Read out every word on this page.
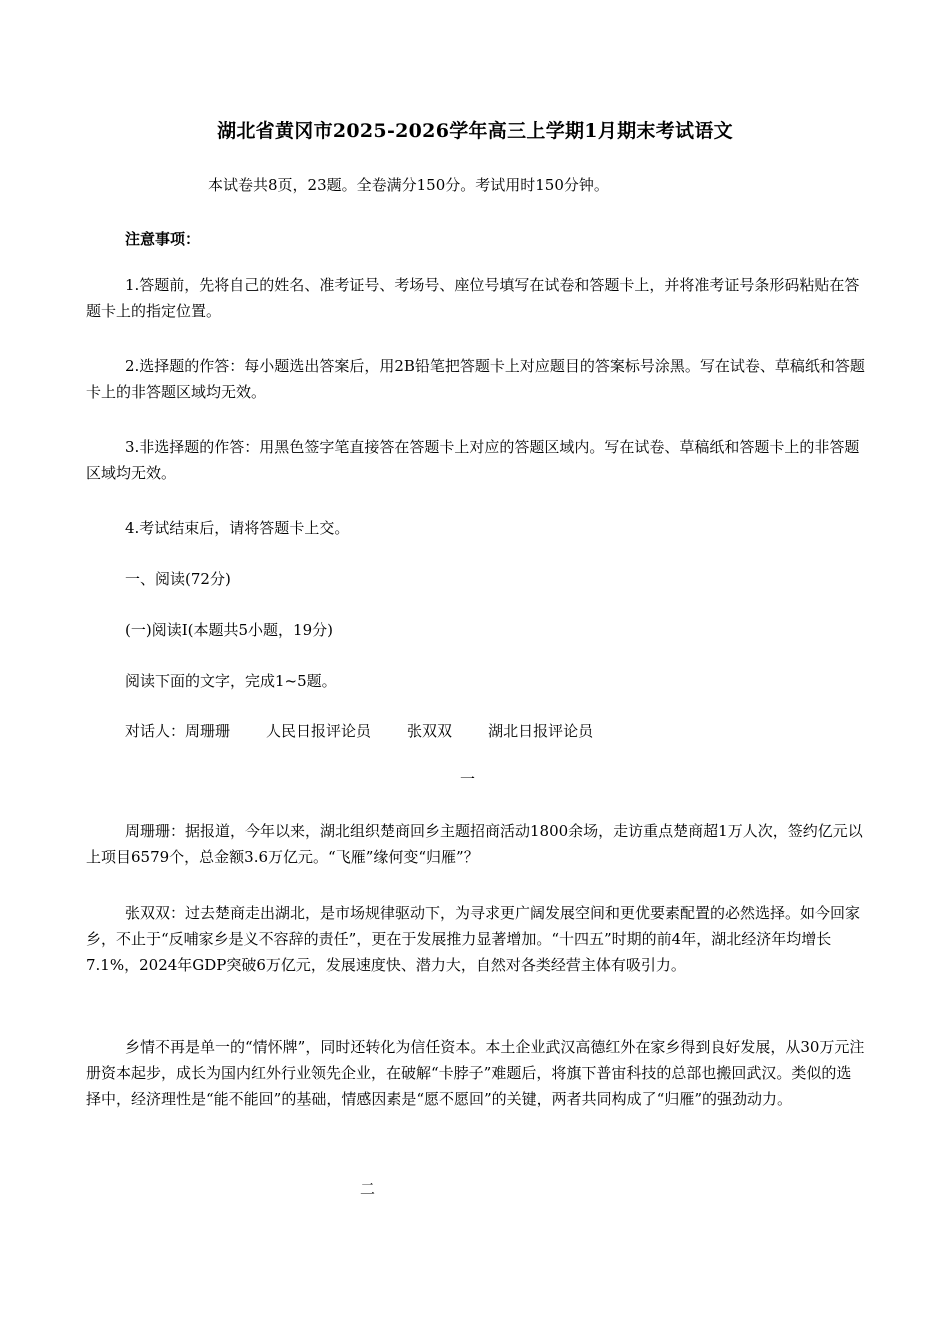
湖北省黄冈市2025-2026学年高三上学期1月期末考试语文
本试卷共8页，23题。全卷满分150分。考试用时150分钟。
注意事项：
1.答题前，先将自己的姓名、准考证号、考场号、座位号填写在试卷和答题卡上，并将准考证号条形码粘贴在答题卡上的指定位置。
2.选择题的作答：每小题选出答案后，用2B铅笔把答题卡上对应题目的答案标号涂黑。写在试卷、草稿纸和答题卡上的非答题区域均无效。
3.非选择题的作答：用黑色签字笔直接答在答题卡上对应的答题区域内。写在试卷、草稿纸和答题卡上的非答题区域均无效。
4.考试结束后，请将答题卡上交。
一、阅读(72分)
(一)阅读Ⅰ(本题共5小题，19分)
阅读下面的文字，完成1~5题。
对话人：周珊珊 人民日报评论员 张双双 湖北日报评论员
一
周珊珊：据报道，今年以来，湖北组织楚商回乡主题招商活动1800余场，走访重点楚商超1万人次，签约亿元以上项目6579个，总金额3.6万亿元。“飞雁”缘何变“归雁”？
张双双：过去楚商走出湖北，是市场规律驱动下，为寻求更广阔发展空间和更优要素配置的必然选择。如今回家乡，不止于“反哺家乡是义不容辞的责任”，更在于发展推力显著增加。“十四五”时期的前4年，湖北经济年均增长7.1%，2024年GDP突破6万亿元，发展速度快、潜力大，自然对各类经营主体有吸引力。
乡情不再是单一的“情怀牌”，同时还转化为信任资本。本土企业武汉高德红外在家乡得到良好发展，从30万元注册资本起步，成长为国内红外行业领先企业，在破解“卡脖子”难题后，将旗下普宙科技的总部也搬回武汉。类似的选择中，经济理性是“能不能回”的基础，情感因素是“愿不愿回”的关键，两者共同构成了“归雁”的强劲动力。
二
